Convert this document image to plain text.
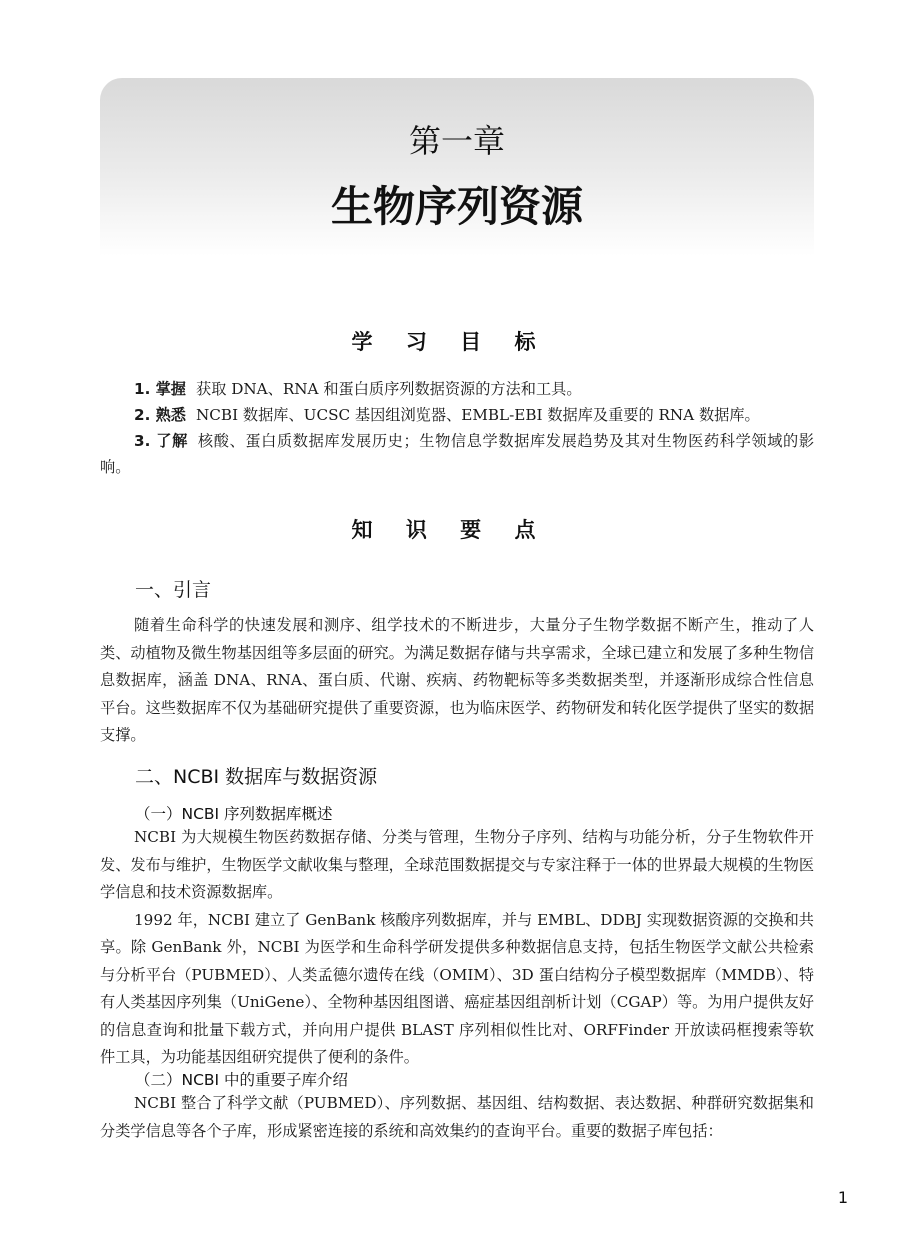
第一章
生物序列资源
学 习 目 标

1. 掌握 获取 DNA、RNA 和蛋白质序列数据资源的方法和工具。

2. 熟悉 NCBI 数据库、UCSC 基因组浏览器、EMBL-EBI 数据库及重要的 RNA 数据库。

3. 了解 核酸、蛋白质数据库发展历史；生物信息学数据库发展趋势及其对生物医药科学领域的影响。

知 识 要 点
一、引言

随着生命科学的快速发展和测序、组学技术的不断进步，大量分子生物学数据不断产生，推动了人类、动植物及微生物基因组等多层面的研究。为满足数据存储与共享需求，全球已建立和发展了多种生物信息数据库，涵盖 DNA、RNA、蛋白质、代谢、疾病、药物靶标等多类数据类型，并逐渐形成综合性信息平台。这些数据库不仅为基础研究提供了重要资源，也为临床医学、药物研发和转化医学提供了坚实的数据支撑。

二、NCBI 数据库与数据资源
（一）NCBI 序列数据库概述

NCBI 为大规模生物医药数据存储、分类与管理，生物分子序列、结构与功能分析，分子生物软件开发、发布与维护，生物医学文献收集与整理，全球范围数据提交与专家注释于一体的世界最大规模的生物医学信息和技术资源数据库。

1992 年，NCBI 建立了 GenBank 核酸序列数据库，并与 EMBL、DDBJ 实现数据资源的交换和共享。除 GenBank 外，NCBI 为医学和生命科学研发提供多种数据信息支持，包括生物医学文献公共检索与分析平台（PUBMED）、人类孟德尔遗传在线（OMIM）、3D 蛋白结构分子模型数据库（MMDB）、特有人类基因序列集（UniGene）、全物种基因组图谱、癌症基因组剖析计划（CGAP）等。为用户提供友好的信息查询和批量下载方式，并向用户提供 BLAST 序列相似性比对、ORFFinder 开放读码框搜索等软件工具，为功能基因组研究提供了便利的条件。

（二）NCBI 中的重要子库介绍

NCBI 整合了科学文献（PUBMED）、序列数据、基因组、结构数据、表达数据、种群研究数据集和分类学信息等各个子库，形成紧密连接的系统和高效集约的查询平台。重要的数据子库包括：

1
